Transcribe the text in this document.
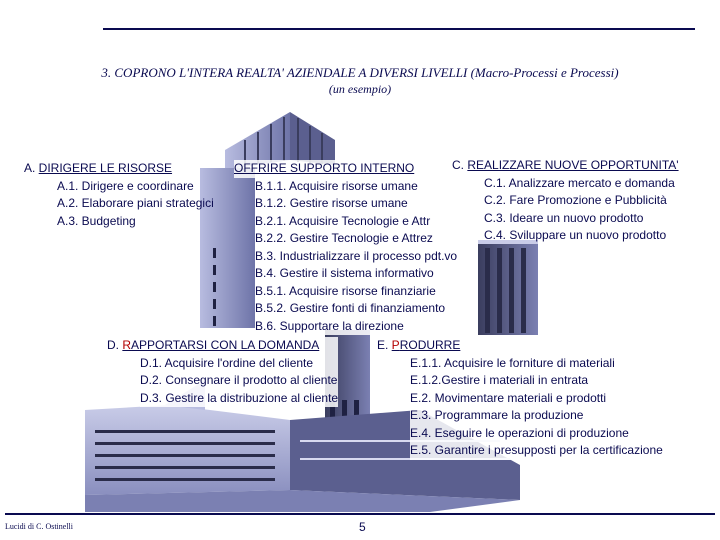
3. COPRONO L'INTERA REALTA' AZIENDALE A DIVERSI LIVELLI (Macro-Processi e Processi)
(un esempio)
A. DIRIGERE LE RISORSE
A.1. Dirigere e coordinare
A.2. Elaborare piani strategici
A.3. Budgeting
OFFRIRE SUPPORTO INTERNO
B.1.1. Acquisire risorse umane
B.1.2. Gestire risorse umane
B.2.1. Acquisire Tecnologie e Attr
B.2.2. Gestire Tecnologie e Attrez
B.3. Industrializzare il processo pdt.vo
B.4. Gestire il sistema informativo
B.5.1. Acquisire risorse finanziarie
B.5.2. Gestire fonti di finanziamento
B.6. Supportare la direzione
C. REALIZZARE NUOVE OPPORTUNITA'
C.1. Analizzare mercato e domanda
C.2. Fare Promozione e Pubblicità
C.3. Ideare un nuovo prodotto
C.4. Sviluppare un nuovo prodotto
D. RAPPORTARSI CON LA DOMANDA
D.1. Acquisire l'ordine del cliente
D.2. Consegnare il prodotto al cliente
D.3. Gestire la distribuzione al cliente
E. PRODURRE
E.1.1. Acquisire le forniture di materiali
E.1.2.Gestire i materiali in entrata
E.2. Movimentare materiali e prodotti
E.3. Programmare la produzione
E.4. Eseguire le operazioni di produzione
E.5. Garantire i presupposti per la certificazione
Lucidi di C. Ostinelli	5
